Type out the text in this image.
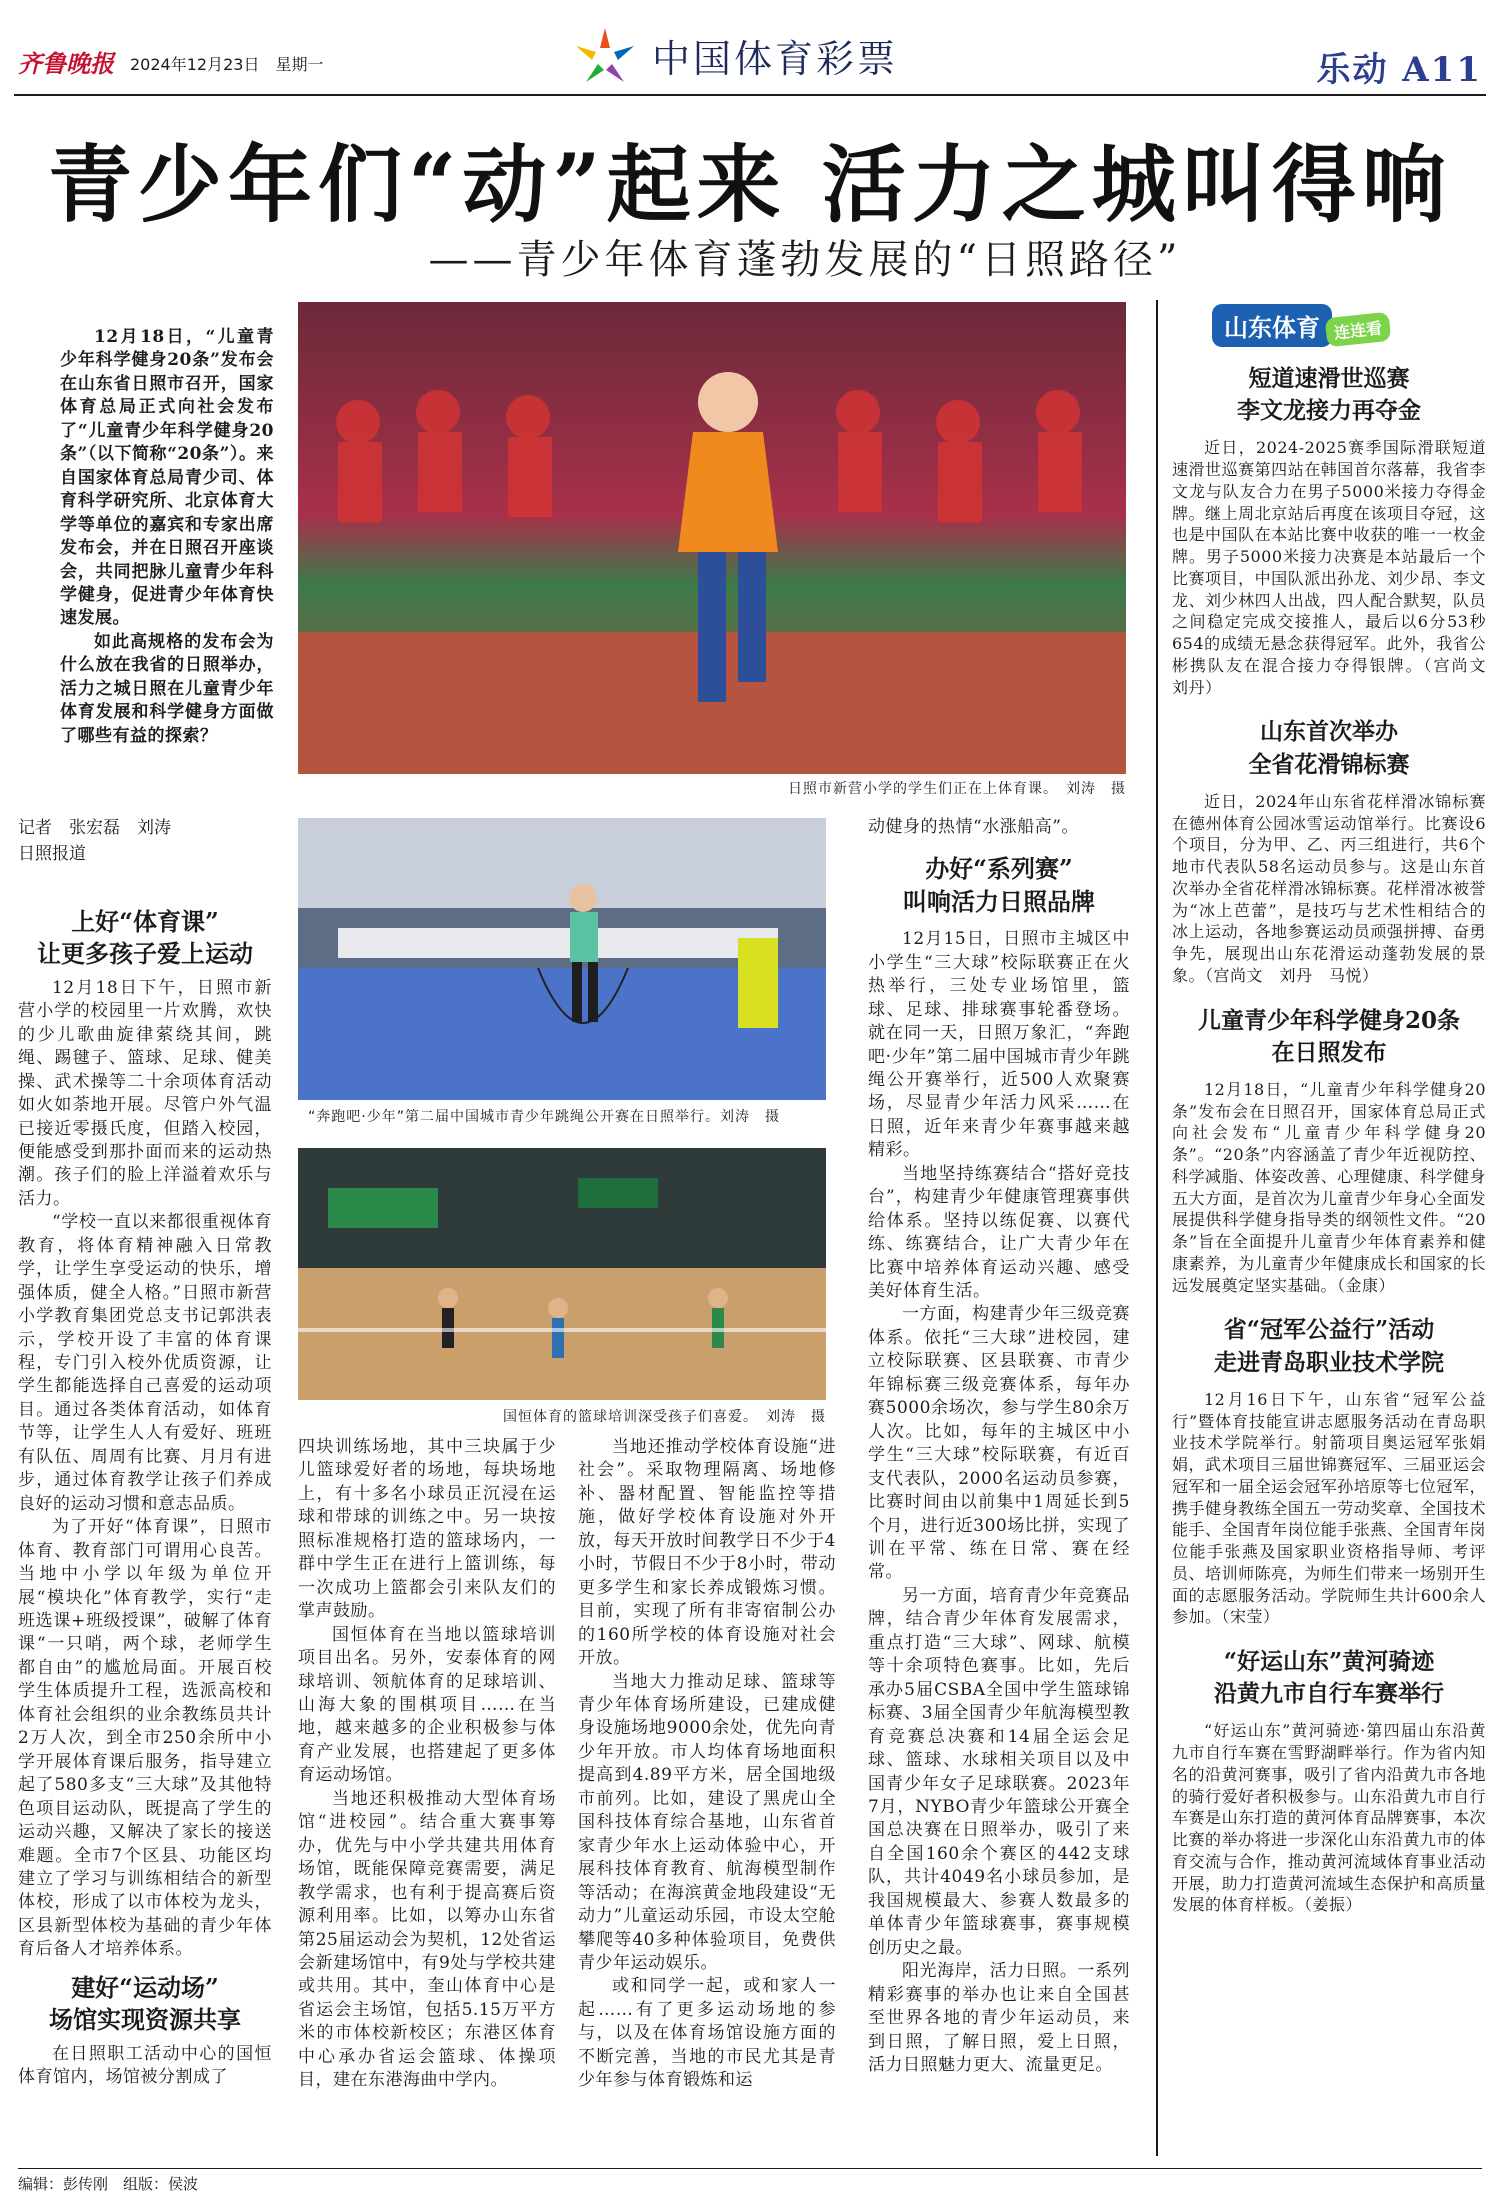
齐鲁晚报 2024年12月23日　星期一	中国体育彩票	乐动 A11
青少年们“动”起来 活力之城叫得响
——青少年体育蓬勃发展的“日照路径”

12月18日，“儿童青少年科学健身20条”发布会在山东省日照市召开，国家体育总局正式向社会发布了“儿童青少年科学健身20条”（以下简称“20条”）。来自国家体育总局青少司、体育科学研究所、北京体育大学等单位的嘉宾和专家出席发布会，并在日照召开座谈会，共同把脉儿童青少年科学健身，促进青少年体育快速发展。

如此高规格的发布会为什么放在我省的日照举办，活力之城日照在儿童青少年体育发展和科学健身方面做了哪些有益的探索？

日照市新营小学的学生们正在上体育课。　刘涛　摄
记者　张宏磊　刘涛
日照报道
上好“体育课”
让更多孩子爱上运动

12月18日下午，日照市新营小学的校园里一片欢腾，欢快的少儿歌曲旋律萦绕其间，跳绳、踢毽子、篮球、足球、健美操、武术操等二十余项体育活动如火如荼地开展。尽管户外气温已接近零摄氏度，但踏入校园，便能感受到那扑面而来的运动热潮。孩子们的脸上洋溢着欢乐与活力。

“学校一直以来都很重视体育教育，将体育精神融入日常教学，让学生享受运动的快乐，增强体质，健全人格。”日照市新营小学教育集团党总支书记郭洪表示，学校开设了丰富的体育课程，专门引入校外优质资源，让学生都能选择自己喜爱的运动项目。通过各类体育活动，如体育节等，让学生人人有爱好、班班有队伍、周周有比赛、月月有进步，通过体育教学让孩子们养成良好的运动习惯和意志品质。

为了开好“体育课”，日照市体育、教育部门可谓用心良苦。当地中小学以年级为单位开展“模块化”体育教学，实行“走班选课+班级授课”，破解了体育课“一只哨，两个球，老师学生都自由”的尴尬局面。开展百校学生体质提升工程，选派高校和体育社会组织的业余教练员共计2万人次，到全市250余所中小学开展体育课后服务，指导建立起了580多支“三大球”及其他特色项目运动队，既提高了学生的运动兴趣，又解决了家长的接送难题。全市7个区县、功能区均建立了学习与训练相结合的新型体校，形成了以市体校为龙头，区县新型体校为基础的青少年体育后备人才培养体系。

建好“运动场”
场馆实现资源共享

在日照职工活动中心的国恒体育馆内，场馆被分割成了

“奔跑吧·少年”第二届中国城市青少年跳绳公开赛在日照举行。刘涛　摄
国恒体育的篮球培训深受孩子们喜爱。　刘涛　摄

四块训练场地，其中三块属于少儿篮球爱好者的场地，每块场地上，有十多名小球员正沉浸在运球和带球的训练之中。另一块按照标准规格打造的篮球场内，一群中学生正在进行上篮训练，每一次成功上篮都会引来队友们的掌声鼓励。

国恒体育在当地以篮球培训项目出名。另外，安泰体育的网球培训、领航体育的足球培训、山海大象的围棋项目……在当地，越来越多的企业积极参与体育产业发展，也搭建起了更多体育运动场馆。

当地还积极推动大型体育场馆“进校园”。结合重大赛事筹办，优先与中小学共建共用体育场馆，既能保障竞赛需要，满足教学需求，也有利于提高赛后资源利用率。比如，以筹办山东省第25届运动会为契机，12处省运会新建场馆中，有9处与学校共建或共用。其中，奎山体育中心是省运会主场馆，包括5.15万平方米的市体校新校区；东港区体育中心承办省运会篮球、体操项目，建在东港海曲中学内。

当地还推动学校体育设施“进社会”。采取物理隔离、场地修补、器材配置、智能监控等措施，做好学校体育设施对外开放，每天开放时间教学日不少于4小时，节假日不少于8小时，带动更多学生和家长养成锻炼习惯。目前，实现了所有非寄宿制公办的160所学校的体育设施对社会开放。

当地大力推动足球、篮球等青少年体育场所建设，已建成健身设施场地9000余处，优先向青少年开放。市人均体育场地面积提高到4.89平方米，居全国地级市前列。比如，建设了黑虎山全国科技体育综合基地，山东省首家青少年水上运动体验中心，开展科技体育教育、航海模型制作等活动；在海滨黄金地段建设“无动力”儿童运动乐园，市设太空舱攀爬等40多种体验项目，免费供青少年运动娱乐。

或和同学一起，或和家人一起……有了更多运动场地的参与，以及在体育场馆设施方面的不断完善，当地的市民尤其是青少年参与体育锻炼和运

动健身的热情“水涨船高”。

办好“系列赛”
叫响活力日照品牌

12月15日，日照市主城区中小学生“三大球”校际联赛正在火热举行，三处专业场馆里，篮球、足球、排球赛事轮番登场。就在同一天，日照万象汇，“奔跑吧·少年”第二届中国城市青少年跳绳公开赛举行，近500人欢聚赛场，尽显青少年活力风采……在日照，近年来青少年赛事越来越精彩。

当地坚持练赛结合“搭好竞技台”，构建青少年健康管理赛事供给体系。坚持以练促赛、以赛代练、练赛结合，让广大青少年在比赛中培养体育运动兴趣、感受美好体育生活。

一方面，构建青少年三级竞赛体系。依托“三大球”进校园，建立校际联赛、区县联赛、市青少年锦标赛三级竞赛体系，每年办赛5000余场次，参与学生80余万人次。比如，每年的主城区中小学生“三大球”校际联赛，有近百支代表队，2000名运动员参赛，比赛时间由以前集中1周延长到5个月，进行近300场比拼，实现了训在平常、练在日常、赛在经常。

另一方面，培育青少年竞赛品牌，结合青少年体育发展需求，重点打造“三大球”、网球、航模等十余项特色赛事。比如，先后承办5届CSBA全国中学生篮球锦标赛、3届全国青少年航海模型教育竞赛总决赛和14届全运会足球、篮球、水球相关项目以及中国青少年女子足球联赛。2023年7月，NYBO青少年篮球公开赛全国总决赛在日照举办，吸引了来自全国160余个赛区的442支球队，共计4049名小球员参加，是我国规模最大、参赛人数最多的单体青少年篮球赛事，赛事规模创历史之最。

阳光海岸，活力日照。一系列精彩赛事的举办也让来自全国甚至世界各地的青少年运动员，来到日照，了解日照，爱上日照，活力日照魅力更大、流量更足。

山东体育 连连看
短道速滑世巡赛
李文龙接力再夺金

近日，2024-2025赛季国际滑联短道速滑世巡赛第四站在韩国首尔落幕，我省李文龙与队友合力在男子5000米接力夺得金牌。继上周北京站后再度在该项目夺冠，这也是中国队在本站比赛中收获的唯一一枚金牌。男子5000米接力决赛是本站最后一个比赛项目，中国队派出孙龙、刘少昂、李文龙、刘少林四人出战，四人配合默契，队员之间稳定完成交接推人，最后以6分53秒654的成绩无悬念获得冠军。此外，我省公彬携队友在混合接力夺得银牌。（宫尚文　刘丹）

山东首次举办
全省花滑锦标赛

近日，2024年山东省花样滑冰锦标赛在德州体育公园冰雪运动馆举行。比赛设6个项目，分为甲、乙、丙三组进行，共6个地市代表队58名运动员参与。这是山东首次举办全省花样滑冰锦标赛。花样滑冰被誉为“冰上芭蕾”，是技巧与艺术性相结合的冰上运动，各地参赛运动员顽强拼搏、奋勇争先，展现出山东花滑运动蓬勃发展的景象。（宫尚文　刘丹　马悦）

儿童青少年科学健身20条
在日照发布

12月18日，“儿童青少年科学健身20条”发布会在日照召开，国家体育总局正式向社会发布“儿童青少年科学健身20条”。“20条”内容涵盖了青少年近视防控、科学减脂、体姿改善、心理健康、科学健身五大方面，是首次为儿童青少年身心全面发展提供科学健身指导类的纲领性文件。“20条”旨在全面提升儿童青少年体育素养和健康素养，为儿童青少年健康成长和国家的长远发展奠定坚实基础。（金康）

省“冠军公益行”活动
走进青岛职业技术学院

12月16日下午，山东省“冠军公益行”暨体育技能宣讲志愿服务活动在青岛职业技术学院举行。射箭项目奥运冠军张娟娟，武术项目三届世锦赛冠军、三届亚运会冠军和一届全运会冠军孙培原等七位冠军，携手健身教练全国五一劳动奖章、全国技术能手、全国青年岗位能手张燕、全国青年岗位能手张燕及国家职业资格指导师、考评员、培训师陈亮，为师生们带来一场别开生面的志愿服务活动。学院师生共计600余人参加。（宋莹）

“好运山东”黄河骑迹
沿黄九市自行车赛举行

“好运山东”黄河骑迹·第四届山东沿黄九市自行车赛在雪野湖畔举行。作为省内知名的沿黄河赛事，吸引了省内沿黄九市各地的骑行爱好者积极参与。山东沿黄九市自行车赛是山东打造的黄河体育品牌赛事，本次比赛的举办将进一步深化山东沿黄九市的体育交流与合作，推动黄河流域体育事业活动开展，助力打造黄河流域生态保护和高质量发展的体育样板。（姜振）

编辑：彭传刚　组版：侯波
